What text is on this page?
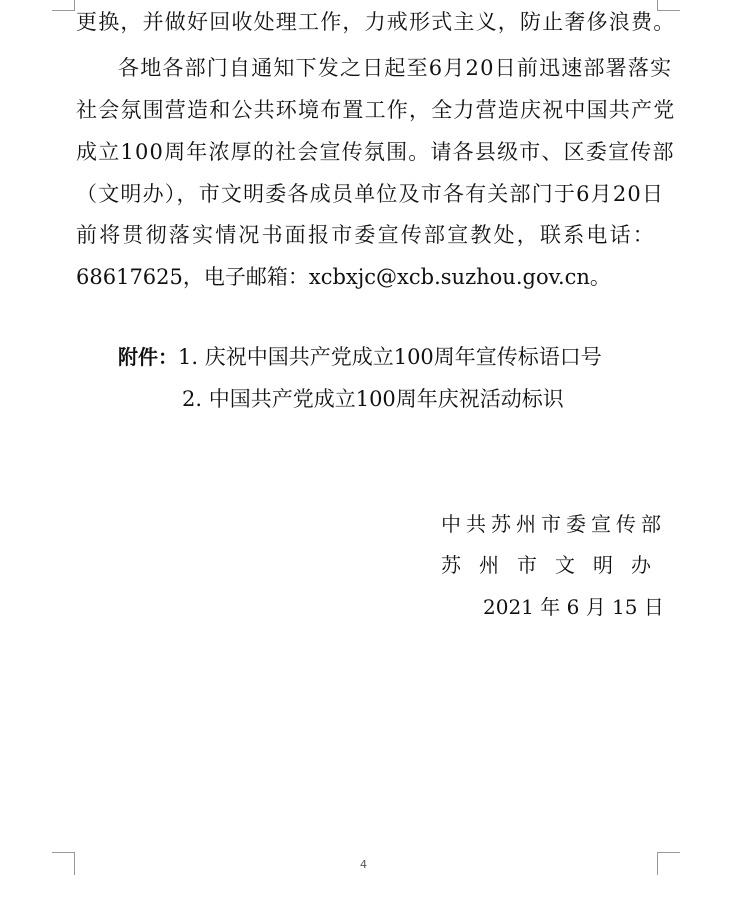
更换，并做好回收处理工作，力戒形式主义，防止奢侈浪费。
各地各部门自通知下发之日起至6月20日前迅速部署落实
社会氛围营造和公共环境布置工作，全力营造庆祝中国共产党
成立100周年浓厚的社会宣传氛围。请各县级市、区委宣传部
（文明办），市文明委各成员单位及市各有关部门于6月20日
前将贯彻落实情况书面报市委宣传部宣教处，联系电话：
68617625，电子邮箱：xcbxjc@xcb.suzhou.gov.cn。
附件：1. 庆祝中国共产党成立100周年宣传标语口号
2. 中国共产党成立100周年庆祝活动标识
中共苏州市委宣传部
苏州市文明办
2021 年 6 月 15 日
4
